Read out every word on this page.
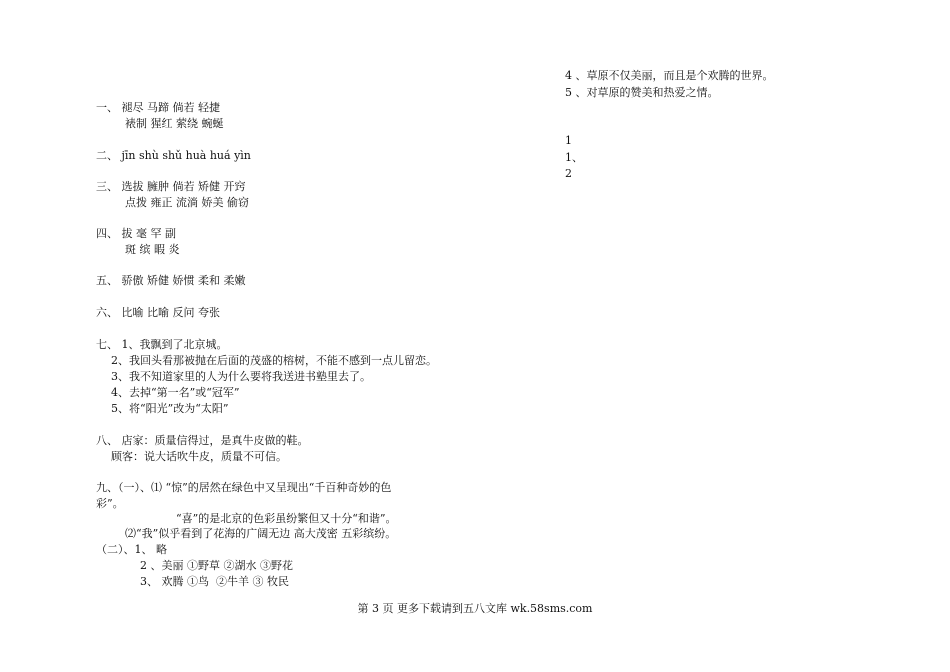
一、 褪尽 马蹄 倘若 轻捷
裱制 猩红 萦绕 蜿蜒
二、 jīn shù shǔ huà huá yìn
三、 选拔 臃肿 倘若 矫健 开窍
点拨 雍正 流淌 娇美 偷窃
四、 拔 毫 罕 副
斑 缤 暇 炎
五、 骄傲 矫健 娇惯 柔和 柔嫩
六、 比喻 比喻 反问 夸张
七、 1、我飘到了北京城。
2、我回头看那被抛在后面的茂盛的榕树，不能不感到一点儿留恋。
3、我不知道家里的人为什么要将我送进书塾里去了。
4、去掉“第一名”或“冠军”
5、将“阳光”改为“太阳”
八、 店家：质量信得过，是真牛皮做的鞋。
顾客：说大话吹牛皮，质量不可信。
九、（一）、⑴ “惊”的居然在绿色中又呈现出“千百种奇妙的色
彩”。
“喜”的是北京的色彩虽纷繁但又十分“和谐”。
⑵“我”似乎看到了花海的广阔无边 高大茂密 五彩缤纷。
（二）、1、 略
2 、美丽 ①野草 ②湖水 ③野花
3、 欢腾 ①鸟  ②牛羊 ③ 牧民
4 、草原不仅美丽，而且是个欢腾的世界。
5 、对草原的赞美和热爱之情。
1
1、
2
第 3 页 更多下载请到五八文库 wk.58sms.com
